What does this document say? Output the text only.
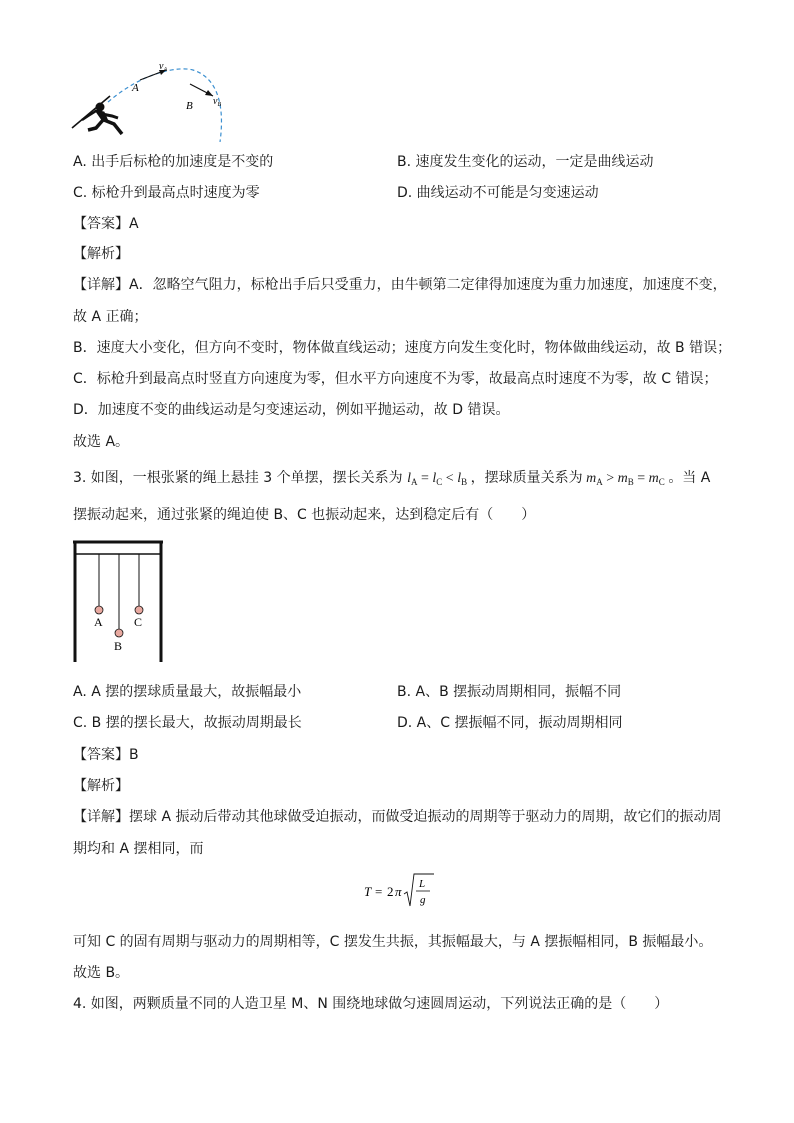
$v_A$
$v_B$
A
B
A. 出手后标枪的加速度是不变的	B. 速度发生变化的运动，一定是曲线运动
C. 标枪升到最高点时速度为零	D. 曲线运动不可能是匀变速运动
【答案】A
【解析】
【详解】A．忽略空气阻力，标枪出手后只受重力，由牛顿第二定律得加速度为重力加速度，加速度不变，
故 A 正确；
B．速度大小变化，但方向不变时，物体做直线运动；速度方向发生变化时，物体做曲线运动，故 B 错误；
C．标枪升到最高点时竖直方向速度为零，但水平方向速度不为零，故最高点时速度不为零，故 C 错误；
D．加速度不变的曲线运动是匀变速运动，例如平抛运动，故 D 错误。
故选 A。
3. 如图，一根张紧的绳上悬挂 3 个单摆，摆长关系为 $l_A = l_C < l_B$ ，摆球质量关系为 $m_A > m_B = m_C$ 。当 A
摆振动起来，通过张紧的绳迫使 B、C 也振动起来，达到稳定后有（　　）
A
B
C
A. A 摆的摆球质量最大，故振幅最小	B. A、B 摆振动周期相同，振幅不同
C. B 摆的摆长最大，故振动周期最长	D. A、C 摆振幅不同，振动周期相同
【答案】B
【解析】
【详解】摆球 A 振动后带动其他球做受迫振动，而做受迫振动的周期等于驱动力的周期，故它们的振动周
期均和 A 摆相同，而
T = 2 π L
g
可知 C 的固有周期与驱动力的周期相等，C 摆发生共振，其振幅最大，与 A 摆振幅相同，B 振幅最小。
故选 B。
4. 如图，两颗质量不同的人造卫星 M、N 围绕地球做匀速圆周运动，下列说法正确的是（　　）
